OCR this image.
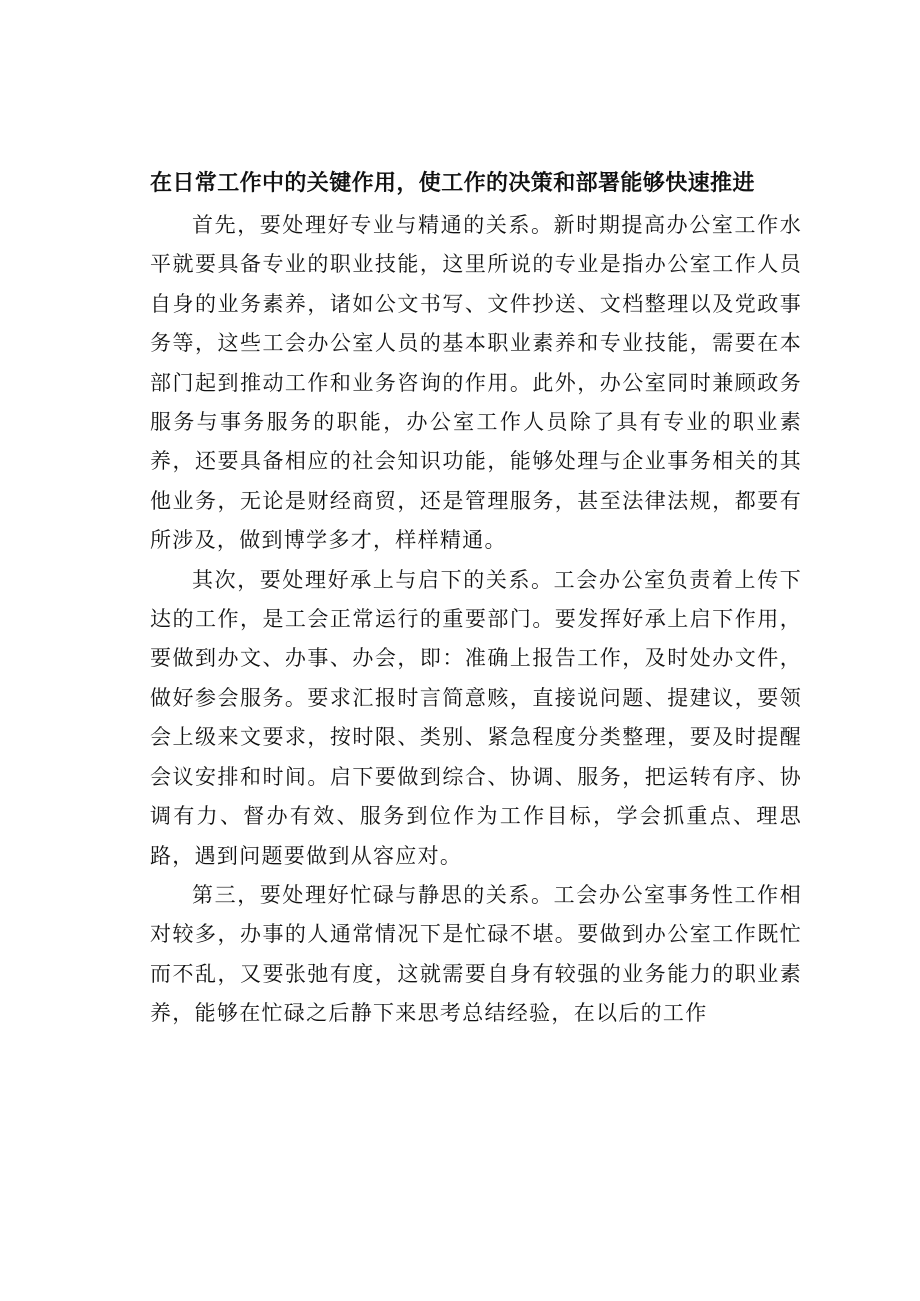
在日常工作中的关键作用，使工作的决策和部署能够快速推进

首先，要处理好专业与精通的关系。新时期提高办公室工作水平就要具备专业的职业技能，这里所说的专业是指办公室工作人员自身的业务素养，诸如公文书写、文件抄送、文档整理以及党政事务等，这些工会办公室人员的基本职业素养和专业技能，需要在本部门起到推动工作和业务咨询的作用。此外，办公室同时兼顾政务服务与事务服务的职能，办公室工作人员除了具有专业的职业素养，还要具备相应的社会知识功能，能够处理与企业事务相关的其他业务，无论是财经商贸，还是管理服务，甚至法律法规，都要有所涉及，做到博学多才，样样精通。

其次，要处理好承上与启下的关系。工会办公室负责着上传下达的工作，是工会正常运行的重要部门。要发挥好承上启下作用，要做到办文、办事、办会，即：准确上报告工作，及时处办文件，做好参会服务。要求汇报时言简意赅，直接说问题、提建议，要领会上级来文要求，按时限、类别、紧急程度分类整理，要及时提醒会议安排和时间。启下要做到综合、协调、服务，把运转有序、协调有力、督办有效、服务到位作为工作目标，学会抓重点、理思路，遇到问题要做到从容应对。

第三，要处理好忙碌与静思的关系。工会办公室事务性工作相对较多，办事的人通常情况下是忙碌不堪。要做到办公室工作既忙而不乱，又要张弛有度，这就需要自身有较强的业务能力的职业素养，能够在忙碌之后静下来思考总结经验，在以后的工作
